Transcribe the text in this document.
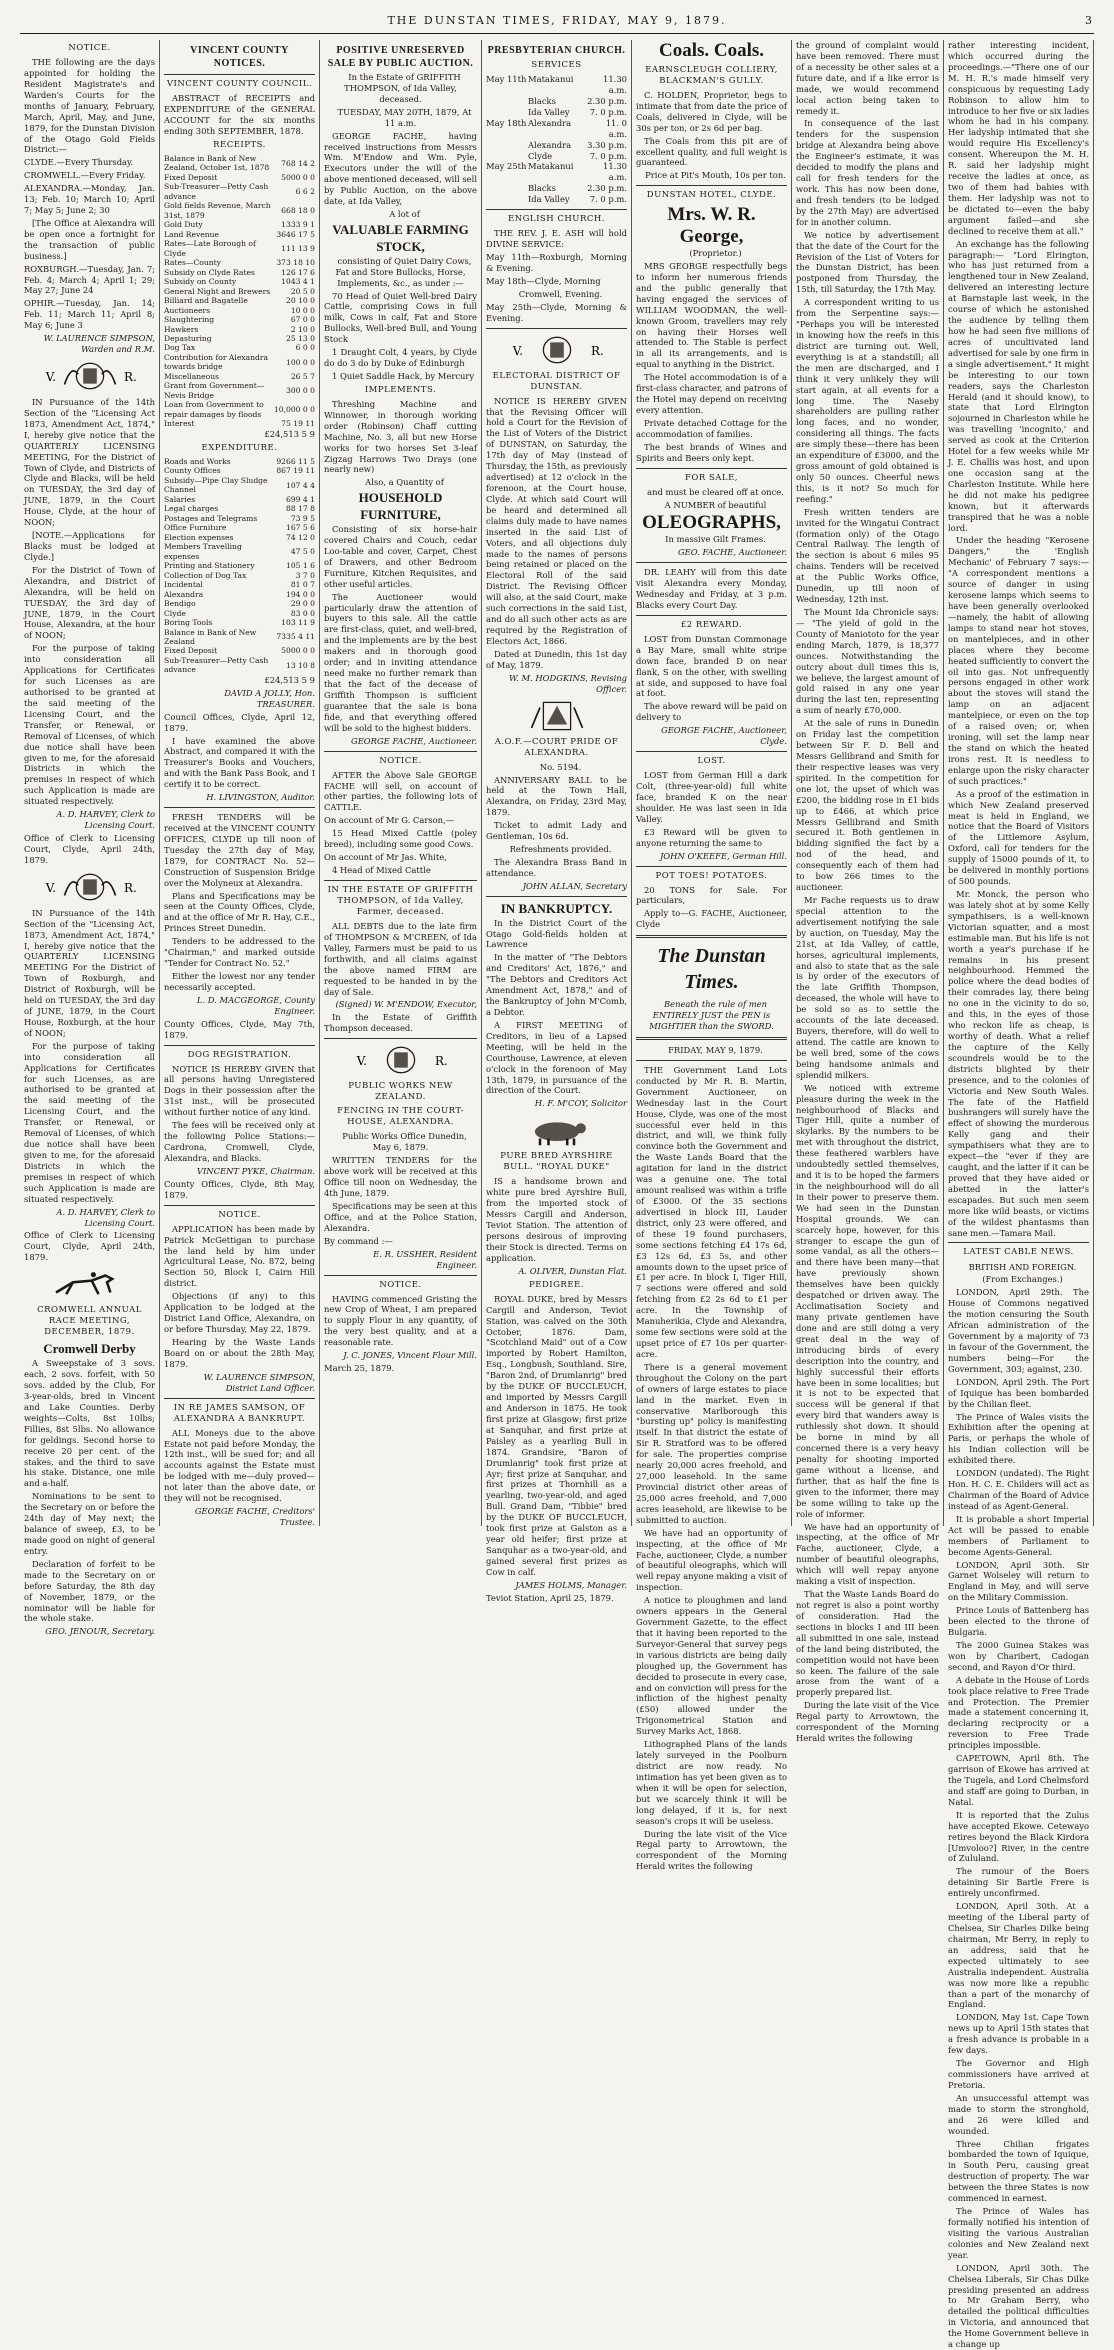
THE DUNSTAN TIMES, FRIDAY, MAY 9, 1879.	3
NOTICE.

THE following are the days appointed for holding the Resident Magistrate's and Warden's Courts for the months of January, February, March, April, May, and June, 1879, for the Dunstan Division of the Otago Gold Fields District:—

CLYDE.—Every Thursday.

CROMWELL.—Every Friday.

ALEXANDRA.—Monday, Jan. 13; Feb. 10; March 10; April 7; May 5; June 2; 30

[The Office at Alexandra will be open once a fortnight for the transaction of public business.]

ROXBURGH.—Tuesday, Jan. 7; Feb. 4; March 4; April 1; 29; May 27; June 24

OPHIR.—Tuesday, Jan. 14; Feb. 11; March 11; April 8; May 6; June 3

W. LAURENCE SIMPSON, Warden and R.M.

V.	R.

IN Pursuance of the 14th Section of the "Licensing Act 1873, Amendment Act, 1874," I, hereby give notice that the QUARTERLY LICENSING MEETING, For the District of Town of Clyde, and Districts of Clyde and Blacks, will be held on TUESDAY, the 3rd day of JUNE, 1879, in the Court House, Clyde, at the hour of NOON;

[NOTE.—Applications for Blacks must be lodged at Clyde.]

For the District of Town of Alexandra, and District of Alexandra, will be held on TUESDAY, the 3rd day of JUNE, 1879, in the Court House, Alexandra, at the hour of NOON;

For the purpose of taking into consideration all Applications for Certificates for such Licenses as are authorised to be granted at the said meeting of the Licensing Court, and the Transfer, or Renewal, or Removal of Licenses, of which due notice shall have been given to me, for the aforesaid Districts in which the premises in respect of which such Application is made are situated respectively.

A. D. HARVEY, Clerk to Licensing Court.

Office of Clerk to Licensing Court, Clyde, April 24th, 1879.

V.	R.

IN Pursuance of the 14th Section of the "Licensing Act, 1873, Amendment Act, 1874," I, hereby give notice that the QUARTERLY LICENSING MEETING For the District of Town of Roxburgh, and District of Roxburgh, will be held on TUESDAY, the 3rd day of JUNE, 1879, in the Court House, Roxburgh, at the hour of NOON;

For the purpose of taking into consideration all Applications for Certificates for such Licenses, as are authorised to be granted at the said meeting of the Licensing Court, and the Transfer, or Renewal, or Removal of Licenses, of which due notice shall have been given to me, for the aforesaid Districts in which the premises in respect of which such Application is made are situated respectively.

A. D. HARVEY, Clerk to Licensing Court.

Office of Clerk to Licensing Court, Clyde, April 24th, 1879.

CROMWELL ANNUAL RACE MEETING, DECEMBER, 1879.
Cromwell Derby

A Sweepstake of 3 sovs. each, 2 sovs. forfeit, with 50 sovs. added by the Club, For 3-year-olds, bred in Vincent and Lake Counties. Derby weights—Colts, 8st 10lbs; Fillies, 8st 5lbs. No allowance for geldings. Second horse to receive 20 per cent. of the stakes, and the third to save his stake. Distance, one mile and a-half.

Nominations to be sent to the Secretary on or before the 24th day of May next; the balance of sweep, £3, to be made good on night of general entry.

Declaration of forfeit to be made to the Secretary on or before Saturday, the 8th day of November, 1879, or the nominator will be liable for the whole stake.

GEO. JENOUR, Secretary.

VINCENT COUNTY NOTICES.
VINCENT COUNTY COUNCIL.

ABSTRACT of RECEIPTS and EXPENDITURE of the GENERAL ACCOUNT for the six months ending 30th SEPTEMBER, 1878.

RECEIPTS.
Balance in Bank of New Zealand, October 1st, 1878	768 14 2
Fixed Deposit	5000 0 0
Sub-Treasurer—Petty Cash advance	6 6 2
Gold fields Revenue, March 31st, 1879	668 18 0
Gold Duty	1333 9 1
Land Revenue	3646 17 5
Rates—Late Borough of Clyde	111 13 9
Rates—County	373 18 10
Subsidy on Clyde Rates	126 17 6
Subsidy on County	1043 4 1
General Night and Brewers	20 5 0
Billiard and Bagatelle	20 10 0
Auctioneers	10 0 0
Slaughtering	67 0 0
Hawkers	2 10 0
Depasturing	25 13 0
Dog Tax	6 0 0
Contribution for Alexandra towards bridge	100 0 0
Miscellaneous	26 5 7
Grant from Government—Nevis Bridge	300 0 0
Loan from Government to repair damages by floods	10,000 0 0
Interest	75 19 11

£24,513 5 9

EXPENDITURE.
Roads and Works	9266 11 5
County Offices	867 19 11
Subsidy—Pipe Clay Sludge Channel	107 4 4
Salaries	699 4 1
Legal charges	88 17 8
Postages and Telegrams	73 9 5
Office Furniture	167 5 6
Election expenses	74 12 0
Members Travelling expenses	47 5 0
Printing and Stationery	105 1 6
Collection of Dog Tax	3 7 0
Incidental	81 0 7
Alexandra	194 0 0
Bendigo	29 0 0
Clyde	83 0 0
Boring Tools	103 11 9
Balance in Bank of New Zealand	7335 4 11
Fixed Deposit	5000 0 0
Sub-Treasurer—Petty Cash advance	13 10 8

£24,513 5 9

DAVID A JOLLY, Hon. TREASURER.

Council Offices, Clyde, April 12, 1879.

I have examined the above Abstract, and compared it with the Treasurer's Books and Vouchers, and with the Bank Pass Book, and I certify it to be correct.

H. LIVINGSTON, Auditor.

FRESH TENDERS will be received at the VINCENT COUNTY OFFICES, CLYDE up till noon of Tuesday the 27th day of May, 1879, for CONTRACT No. 52—Construction of Suspension Bridge over the Molyneux at Alexandra.

Plans and Specifications may be seen at the County Offices, Clyde, and at the office of Mr R. Hay, C.E., Princes Street Dunedin.

Tenders to be addressed to the "Chairman," and marked outside "Tender for Contract No. 52."

Either the lowest nor any tender necessarily accepted.

L. D. MACGEORGE, County Engineer.

County Offices, Clyde, May 7th, 1879.

DOG REGISTRATION.

NOTICE IS HEREBY GIVEN that all persons having Unregistered Dogs in their possession after the 31st inst., will be prosecuted without further notice of any kind.

The fees will be received only at the following Police Stations:— Cardrona, Cromwell, Clyde, Alexandra, and Blacks.

VINCENT PYKE, Chairman.

County Offices, Clyde, 8th May, 1879.

NOTICE.

APPLICATION has been made by Patrick McGettigan to purchase the land held by him under Agricultural Lease, No. 872, being Section 50, Block I, Cairn Hill district.

Objections (if any) to this Application to be lodged at the District Land Office, Alexandra, on or before Thursday, May 22, 1879.

Hearing by the Waste Lands Board on or about the 28th May, 1879.

W. LAURENCE SIMPSON, District Land Officer.

IN RE JAMES SAMSON, OF ALEXANDRA A BANKRUPT.

ALL Moneys due to the above Estate not paid before Monday, the 12th inst., will be sued for; and all accounts against the Estate must be lodged with me—duly proved—not later than the above date, or they will not be recognised.

GEORGE FACHE, Creditors' Trustee.

POSITIVE UNRESERVED SALE BY PUBLIC AUCTION.

In the Estate of GRIFFITH THOMPSON, of Ida Valley, deceased.

TUESDAY, MAY 20TH, 1879, At 11 a.m.

GEORGE FACHE, having received instructions from Messrs Wm. M'Endow and Wm. Pyle, Executors under the will of the above mentioned deceased, will sell by Public Auction, on the above date, at Ida Valley,

A lot of

VALUABLE FARMING STOCK,

consisting of Quiet Dairy Cows, Fat and Store Bullocks, Horse, Implements, &c., as under :—

70 Head of Quiet Well-bred Dairy Cattle, comprising Cows in full milk, Cows in calf, Fat and Store Bullocks, Well-bred Bull, and Young Stock

1 Draught Colt, 4 years, by Clyde do do 3 do by Duke of Edinburgh

1 Quiet Saddle Hack, by Mercury

IMPLEMENTS.

Threshing Machine and Winnower, in thorough working order (Robinson) Chaff cutting Machine, No. 3, all but new Horse works for two horses Set 3-leaf Zigzag Harrows Two Drays (one nearly new)

Also, a Quantity of

HOUSEHOLD FURNITURE,

Consisting of six horse-hair covered Chairs and Couch, cedar Loo-table and cover, Carpet, Chest of Drawers, and other Bedroom Furniture, Kitchen Requisites, and other useful articles.

The Auctioneer would particularly draw the attention of buyers to this sale. All the cattle are first-class, quiet, and well-bred, and the implements are by the best makers and in thorough good order; and in inviting attendance need make no further remark than that the fact of the decease of Griffith Thompson is sufficient guarantee that the sale is bona fide, and that everything offered will be sold to the highest bidders.

GEORGE FACHE, Auctioneer.

NOTICE.

AFTER the Above Sale GEORGE FACHE will sell, on account of other parties, the following lots of CATTLE.

On account of Mr G. Carson,—

15 Head Mixed Cattle (poley breed), including some good Cows.

On account of Mr Jas. White,

4 Head of Mixed Cattle

IN THE ESTATE OF GRIFFITH THOMPSON, of Ida Valley, Farmer, deceased.

ALL DEBTS due to the late firm of THOMPSON & M'CREEN, of Ida Valley, Farmers must be paid to us forthwith, and all claims against the above named FIRM are requested to be handed in by the day of Sale.

(Signed) W. M'ENDOW, Executor,

In the Estate of Griffith Thompson deceased.

V.	R.
PUBLIC WORKS NEW ZEALAND.
FENCING IN THE COURT-HOUSE, ALEXANDRA.

Public Works Office Dunedin, May 6, 1879.

WRITTEN TENDERS for the above work will be received at this Office till noon on Wednesday, the 4th June, 1879.

Specifications may be seen at this Office, and at the Police Station, Alexandra.

By command :—

E. R. USSHER, Resident Engineer.

NOTICE.

HAVING commenced Gristing the new Crop of Wheat, I am prepared to supply Flour in any quantity, of the very best quality, and at a reasonable rate.

J. C. JONES, Vincent Flour Mill.

March 25, 1879.

PRESBYTERIAN CHURCH.
SERVICES
May 11th Matakanui	11.30 a.m.
Blacks	2.30 p.m.
Ida Valley	7. 0 p.m.
May 18th Alexandra	11. 0 a.m.
Alexandra	3.30 p.m.
Clyde	7. 0 p.m.
May 25th Matakanui	11.30 a.m.
Blacks	2.30 p.m.
Ida Valley	7. 0 p.m.
ENGLISH CHURCH.

THE REV. J. E. ASH will hold DIVINE SERVICE:

May 11th—Roxburgh, Morning & Evening.

May 18th—Clyde, Morning

Cromwell, Evening.

May 25th—Clyde, Morning & Evening.

V.	R.
ELECTORAL DISTRICT OF DUNSTAN.

NOTICE IS HEREBY GIVEN that the Revising Officer will hold a Court for the Revision of the List of Voters of the District of DUNSTAN, on Saturday, the 17th day of May (instead of Thursday, the 15th, as previously advertised) at 12 o'clock in the forenoon, at the Court house, Clyde. At which said Court will be heard and determined all claims duly made to have names inserted in the said List of Voters, and all objections duly made to the names of persons being retained or placed on the Electoral Roll of the said District. The Revising Officer will also, at the said Court, make such corrections in the said List, and do all such other acts as are required by the Registration of Electors Act, 1866.

Dated at Dunedin, this 1st day of May, 1879.

W. M. HODGKINS, Revising Officer.

A.O.F.—COURT PRIDE OF ALEXANDRA.

No. 5194.

ANNIVERSARY BALL to be held at the Town Hall, Alexandra, on Friday, 23rd May, 1879.

Ticket to admit Lady and Gentleman, 10s 6d.

Refreshments provided.

The Alexandra Brass Band in attendance.

JOHN ALLAN, Secretary

IN BANKRUPTCY.

In the District Court of the Otago Gold-fields holden at Lawrence

In the matter of "The Debtors and Creditors' Act, 1876," and "The Debtors and Creditors Act Amendment Act, 1878," and of the Bankruptcy of John M'Comb, a Debtor.

A FIRST MEETING of Creditors, in lieu of a Lapsed Meeting, will be held in the Courthouse, Lawrence, at eleven o'clock in the forenoon of May 13th, 1879, in pursuance of the direction of the Court.

H. F. M'COY, Solicitor

PURE BRED AYRSHIRE BULL. "ROYAL DUKE"

IS a handsome brown and white pure bred Ayrshire Bull, from the imported stock of Messrs Cargill and Anderson, Teviot Station. The attention of persons desirous of improving their Stock is directed. Terms on application.

A. OLIVER, Dunstan Flat.

PEDIGREE.

ROYAL DUKE, bred by Messrs Cargill and Anderson, Teviot Station, was calved on the 30th October, 1876. Dam, "Scotchland Maid" out of a Cow imported by Robert Hamilton, Esq., Longbush, Southland. Sire, "Baron 2nd, of Drumlanrig" bred by the DUKE OF BUCCLEUCH, and imported by Messrs Cargill and Anderson in 1875. He took first prize at Glasgow; first prize at Sanquhar, and first prize at Paisley as a yearling Bull in 1874. Grandsire, "Baron of Drumlanrig" took first prize at Ayr; first prize at Sanquhar, and first prizes at Thornhill as a yearling, two-year-old, and aged Bull. Grand Dam, "Tibbie" bred by the DUKE OF BUCCLEUCH, took first prize at Galston as a year old heifer; first prize at Sanquhar as a two-year-old, and gained several first prizes as Cow in calf.

JAMES HOLMS, Manager.

Teviot Station, April 25, 1879.

Coals. Coals.
EARNSCLEUGH COLLIERY, BLACKMAN'S GULLY.

C. HOLDEN, Proprietor, begs to intimate that from date the price of Coals, delivered in Clyde, will be 30s per ton, or 2s 6d per bag.

The Coals from this pit are of excellent quality, and full weight is guaranteed.

Price at Pit's Mouth, 10s per ton.

DUNSTAN HOTEL, CLYDE.
Mrs. W. R. George,

(Proprietor.)

MRS GEORGE respectfully begs to inform her numerous friends and the public generally that having engaged the services of WILLIAM WOODMAN, the well-known Groom, travellers may rely on having their Horses well attended to. The Stable is perfect in all its arrangements, and is equal to anything in the District.

The Hotel accommodation is of a first-class character, and patrons of the Hotel may depend on receiving every attention.

Private detached Cottage for the accommodation of families.

The best brands of Wines and Spirits and Beers only kept.

FOR SALE,

and must be cleared off at once.

A NUMBER of beautiful

OLEOGRAPHS,

In massive Gilt Frames.

GEO. FACHE, Auctioneer.

DR. LEAHY will from this date visit Alexandra every Monday, Wednesday and Friday, at 3 p.m. Blacks every Court Day.

£2 REWARD.

LOST from Dunstan Commonage a Bay Mare, small white stripe down face, branded D on near flank, S on the other, with swelling at side, and supposed to have foal at foot.

The above reward will be paid on delivery to

GEORGE FACHE, Auctioneer, Clyde.

LOST.

LOST from German Hill a dark Colt, (three-year-old) full white face, branded K on the near shoulder. He was last seen in Ida Valley.

£3 Reward will be given to anyone returning the same to

JOHN O'KEEFE, German Hill.

POT TOES! POTATOES.

20 TONS for Sale. For particulars,

Apply to—G. FACHE, Auctioneer, Clyde

The Dunstan Times.

Beneath the rule of men ENTIRELY JUST the PEN is MIGHTIER than the SWORD.

FRIDAY, MAY 9, 1879.

THE Government Land Lots conducted by Mr R. B. Martin, Government Auctioneer, on Wednesday last in the Court House, Clyde, was one of the most successful ever held in this district, and will, we think fully convince both the Government and the Waste Lands Board that the agitation for land in the district was a genuine one. The total amount realised was within a trifle of £3000. Of the 35 sections advertised in block III, Lauder district, only 23 were offered, and of these 19 found purchasers, some sections fetching £4 17s 6d, £3 12s 6d, £3 5s, and other amounts down to the upset price of £1 per acre. In block I, Tiger Hill, 7 sections were offered and sold fetching from £2 2s 6d to £1 per acre. In the Township of Manuherikia, Clyde and Alexandra, some few sections were sold at the upset price of £7 10s per quarter-acre.

There is a general movement throughout the Colony on the part of owners of large estates to place land in the market. Even in conservative Marlborough this "bursting up" policy is manifesting itself. In that district the estate of Sir R. Stratford was to be offered for sale. The properties comprise nearly 20,000 acres freehold, and 27,000 leasehold. In the same Provincial district other areas of 25,000 acres freehold, and 7,000 acres leasehold, are likewise to be submitted to auction.

We have had an opportunity of inspecting, at the office of Mr Fache, auctioneer, Clyde, a number of beautiful oleographs, which will well repay anyone making a visit of inspection.

A notice to ploughmen and land owners appears in the General Government Gazette, to the effect that it having been reported to the Surveyor-General that survey pegs in various districts are being daily ploughed up, the Government has decided to prosecute in every case, and on conviction will press for the infliction of the highest penalty (£50) allowed under the Trigonometrical Station and Survey Marks Act, 1868.

Lithographed Plans of the lands lately surveyed in the Poolburn district are now ready. No intimation has yet been given as to when it will be open for selection, but we scarcely think it will be long delayed, if it is, for next season's crops it will be useless.

During the late visit of the Vice Regal party to Arrowtown, the correspondent of the Morning Herald writes the following

the ground of complaint would have been removed. There must of a necessity be other sales at a future date, and if a like error is made, we would recommend local action being taken to remedy it.

In consequence of the last tenders for the suspension bridge at Alexandra being above the Engineer's estimate, it was decided to modify the plans and call for fresh tenders for the work. This has now been done, and fresh tenders (to be lodged by the 27th May) are advertised for in another column.

We notice by advertisement that the date of the Court for the Revision of the List of Voters for the Dunstan District, has been postponed from Thursday, the 15th, till Saturday, the 17th May.

A correspondent writing to us from the Serpentine says:— "Perhaps you will be interested in knowing how the reefs in this district are turning out. Well, everything is at a standstill; all the men are discharged, and I think it very unlikely they will start again, at all events for a long time. The Naseby shareholders are pulling rather long faces, and no wonder, considering all things. The facts are simply these—there has been an expenditure of £3000, and the gross amount of gold obtained is only 50 ounces. Cheerful news this, is it not? So much for reefing."

Fresh written tenders are invited for the Wingatui Contract (formation only) of the Otago Central Railway. The length of the section is about 6 miles 95 chains. Tenders will be received at the Public Works Office, Dunedin, up till noon of Wednesday, 12th inst.

The Mount Ida Chronicle says:— "The yield of gold in the County of Maniototo for the year ending March, 1879, is 18,377 ounces. Notwithstanding the outcry about dull times this is, we believe, the largest amount of gold raised in any one year during the last ten, representing a sum of nearly £70,000.

At the sale of runs in Dunedin on Friday last the competition between Sir F. D. Bell and Messrs Gellibrand and Smith for their respective leases was very spirited. In the competition for one lot, the upset of which was £200, the bidding rose in £1 bids up to £466, at which price Messrs Gellibrand and Smith secured it. Both gentlemen in bidding signified the fact by a nod of the head, and consequently each of them had to bow 266 times to the auctioneer.

Mr Fache requests us to draw special attention to the advertisement notifying the sale by auction, on Tuesday, May the 21st, at Ida Valley, of cattle, horses, agricultural implements, and also to state that as the sale is by order of the executors of the late Griffith Thompson, deceased, the whole will have to be sold so as to settle the accounts of the late deceased. Buyers, therefore, will do well to attend. The cattle are known to be well bred, some of the cows being handsome animals and splendid milkers.

We noticed with extreme pleasure during the week in the neighbourhood of Blacks and Tiger Hill, quite a number of skylarks. By the numbers to be met with throughout the district, these feathered warblers have undoubtedly settled themselves, and it is to be hoped the farmers in the neighbourhood will do all in their power to preserve them. We had seen in the Dunstan Hospital grounds. We can scarcely hope, however, for this stranger to escape the gun of some vandal, as all the others—and there have been many—that have previously shown themselves have been quickly despatched or driven away. The Acclimatisation Society and many private gentlemen have done and are still doing a very great deal in the way of introducing birds of every description into the country, and highly successful their efforts have been in some localities; but it is not to be expected that success will be general if that every bird that wanders away is ruthlessly shot down. It should be borne in mind by all concerned there is a very heavy penalty for shooting imported game without a license, and further, that as half the fine is given to the informer, there may be some willing to take up the role of informer.

We have had an opportunity of inspecting, at the office of Mr Fache, auctioneer, Clyde, a number of beautiful oleographs, which will well repay anyone making a visit of inspection.

That the Waste Lands Board do not regret is also a point worthy of consideration. Had the sections in blocks I and III been all submitted in one sale, instead of the land being distributed, the competition would not have been so keen. The failure of the sale arose from the want of a properly prepared list.

During the late visit of the Vice Regal party to Arrowtown, the correspondent of the Morning Herald writes the following

rather interesting incident, which occurred during the proceedings.—"There one of our M. H. R.'s made himself very conspicuous by requesting Lady Robinson to allow him to introduce to her five or six ladies whom he had in his company. Her ladyship intimated that she would require His Excellency's consent. Whereupon the M. H. R. said her ladyship might receive the ladies at once, as two of them had babies with them. Her ladyship was not to be dictated to—even the baby argument failed—and she declined to receive them at all."

An exchange has the following paragraph:— "Lord Elrington, who has just returned from a lengthened tour in New Zealand, delivered an interesting lecture at Barnstaple last week, in the course of which he astonished the audience by telling them how he had seen five millions of acres of uncultivated land advertised for sale by one firm in a single advertisement." It might be interesting to our town readers, says the Charleston Herald (and it should know), to state that Lord Elrington sojourned in Charleston while he was travelling 'incognito,' and served as cook at the Criterion Hotel for a few weeks while Mr J. E. Challis was host, and upon one occasion sang at the Charleston Institute. While here he did not make his pedigree known, but it afterwards transpired that he was a noble lord.

Under the heading "Kerosene Dangers," the 'English Mechanic' of February 7 says:— "A correspondent mentions a source of danger in using kerosene lamps which seems to have been generally overlooked—namely, the habit of allowing lamps to stand near hot stoves, on mantelpieces, and in other places where they become heated sufficiently to convert the oil into gas. Not unfrequently persons engaged in other work about the stoves will stand the lamp on an adjacent mantelpiece, or even on the top of a raised oven; or, when ironing, will set the lamp near the stand on which the heated irons rest. It is needless to enlarge upon the risky character of such practices."

As a proof of the estimation in which New Zealand preserved meat is held in England, we notice that the Board of Visitors of the Littlemore Asylum, Oxford, call for tenders for the supply of 15000 pounds of it, to be delivered in monthly portions of 500 pounds.

Mr. Monck, the person who was lately shot at by some Kelly sympathisers, is a well-known Victorian squatter, and a most estimable man. But his life is not worth a year's purchase if he remains in his present neighbourhood. Hemmed the police where the dead bodies of their comrades lay, there being no one in the vicinity to do so, and this, in the eyes of those who reckon life as cheap, is worthy of death. What a relief the capture of the Kelly scoundrels would be to the districts blighted by their presence, and to the colonies of Victoria and New South Wales. The fate of the Hatfield bushrangers will surely have the effect of showing the murderous Kelly gang and their sympathisers what they are to expect—the "ever if they are caught, and the latter if it can be proved that they have aided or abetted in the latter's escapades. But such men seem more like wild beasts, or victims of the wildest phantasms than sane men.—Tamara Mail.

LATEST CABLE NEWS.

BRITISH AND FOREIGN.

(From Exchanges.)

LONDON, April 29th. The House of Commons negatived the motion censuring the South African administration of the Government by a majority of 73 in favour of the Government, the numbers being—For the Government, 303; against, 230.

LONDON, April 29th. The Port of Iquique has been bombarded by the Chilian fleet.

The Prince of Wales visits the Exhibition after the opening at Paris, or perhaps the whole of his Indian collection will be exhibited there.

LONDON (undated). The Right Hon. H. C. E. Childers will act as Chairman of the Board of Advice instead of as Agent-General.

It is probable a short Imperial Act will be passed to enable members of Parliament to become Agents-General.

LONDON, April 30th. Sir Garnet Wolseley will return to England in May, and will serve on the Military Commission.

Prince Louis of Battenberg has been elected to the throne of Bulgaria.

The 2000 Guinea Stakes was won by Charibert, Cadogan second, and Rayon d'Or third.

A debate in the House of Lords took place relative to Free Trade and Protection. The Premier made a statement concerning it, declaring reciprocity or a reversion to Free Trade principles impossible.

CAPETOWN, April 8th. The garrison of Ekowe has arrived at the Tugela, and Lord Chelmsford and staff are going to Durban, in Natal.

It is reported that the Zulus have accepted Ekowe. Cetewayo retires beyond the Black Kirdora [Umvoloo?] River, in the centre of Zululand.

The rumour of the Boers detaining Sir Bartle Frere is entirely unconfirmed.

LONDON, April 30th. At a meeting of the Liberal party of Chelsea, Sir Charles Dilke being chairman, Mr Berry, in reply to an address, said that he expected ultimately to see Australia independent. Australia was now more like a republic than a part of the monarchy of England.

LONDON, May 1st. Cape Town news up to April 15th states that a fresh advance is probable in a few days.

The Governor and High commissioners have arrived at Pretoria.

An unsuccessful attempt was made to storm the stronghold, and 26 were killed and wounded.

Three Chilian frigates bombarded the town of Iquique, in South Peru, causing great destruction of property. The war between the three States is now commenced in earnest.

The Prince of Wales has formally notified his intention of visiting the various Australian colonies and New Zealand next year.

LONDON, April 30th. The Chelsea Liberals, Sir Chas Dilke presiding presented an address to Mr Graham Berry, who detailed the political difficulties in Victoria, and announced that the Home Government believe in a change up
